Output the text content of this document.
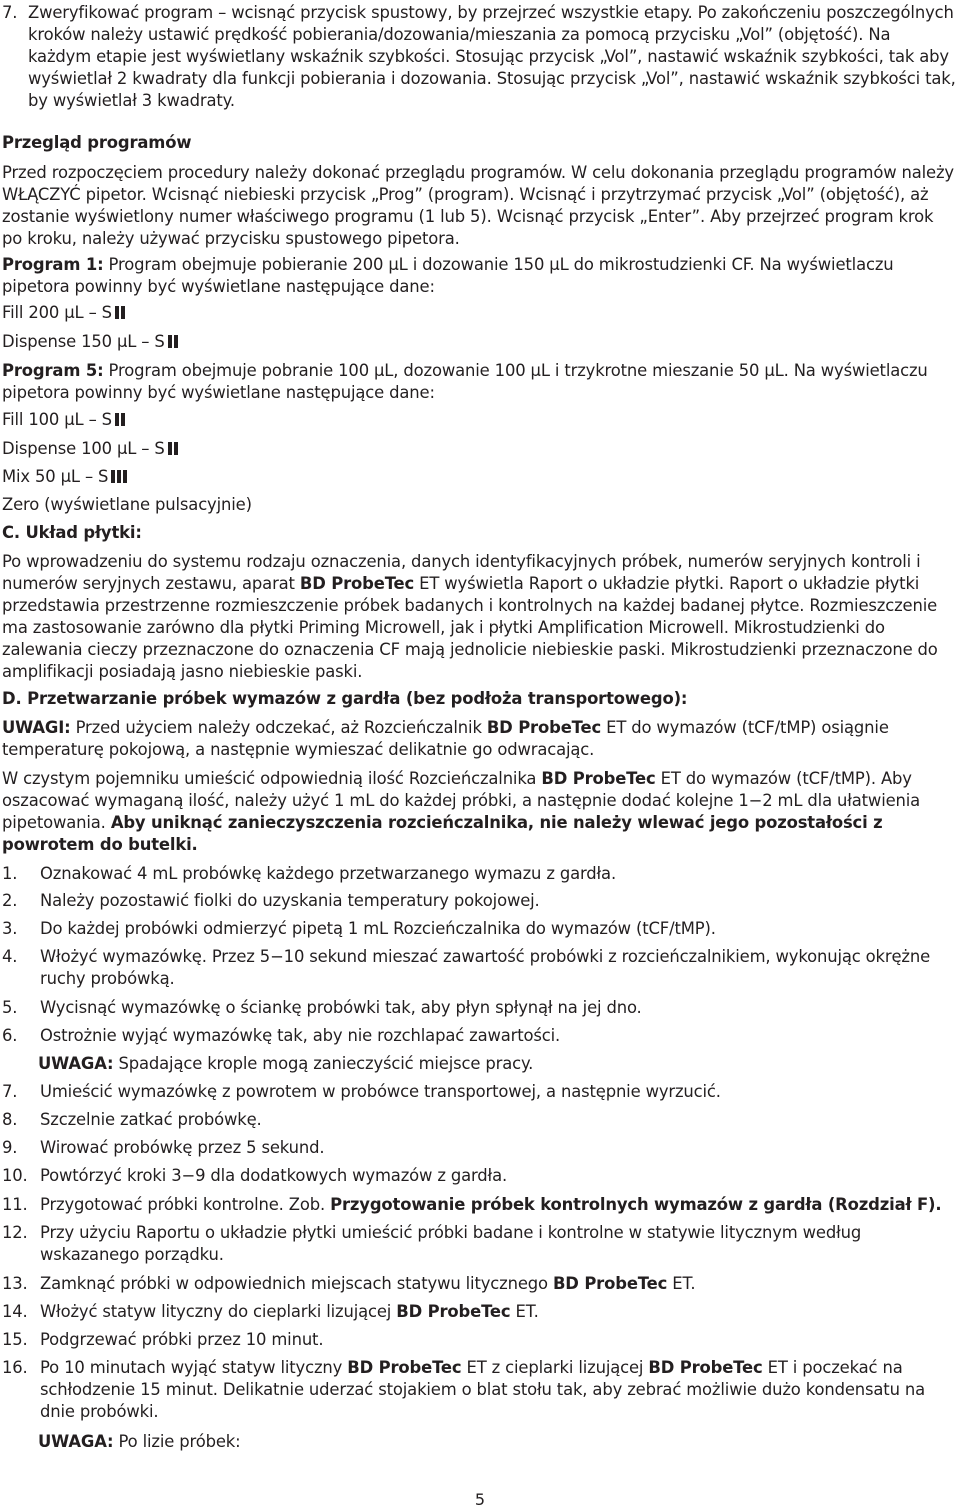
7. Zweryfikować program – wcisnąć przycisk spustowy, by przejrzeć wszystkie etapy. Po zakończeniu poszczególnych kroków należy ustawić prędkość pobierania/dozowania/mieszania za pomocą przycisku „Vol” (objętość). Na każdym etapie jest wyświetlany wskaźnik szybkości. Stosując przycisk „Vol”, nastawić wskaźnik szybkości, tak aby wyświetlał 2 kwadraty dla funkcji pobierania i dozowania. Stosując przycisk „Vol”, nastawić wskaźnik szybkości tak, by wyświetlał 3 kwadraty.
Przegląd programów
Przed rozpoczęciem procedury należy dokonać przeglądu programów. W celu dokonania przeglądu programów należy WŁĄCZYĆ pipetor. Wcisnąć niebieski przycisk „Prog” (program). Wcisnąć i przytrzymać przycisk „Vol” (objętość), aż zostanie wyświetlony numer właściwego programu (1 lub 5). Wcisnąć przycisk „Enter”. Aby przejrzeć program krok po kroku, należy używać przycisku spustowego pipetora.
Program 1: Program obejmuje pobieranie 200 µL i dozowanie 150 µL do mikrostudzienki CF. Na wyświetlaczu pipetora powinny być wyświetlane następujące dane:
Fill 200 µL – S
Dispense 150 µL – S
Program 5: Program obejmuje pobranie 100 µL, dozowanie 100 µL i trzykrotne mieszanie 50 µL. Na wyświetlaczu pipetora powinny być wyświetlane następujące dane:
Fill 100 µL – S
Dispense 100 µL – S
Mix 50 µL – S
Zero (wyświetlane pulsacyjnie)
C. Układ płytki:
Po wprowadzeniu do systemu rodzaju oznaczenia, danych identyfikacyjnych próbek, numerów seryjnych kontroli i numerów seryjnych zestawu, aparat BD ProbeTec ET wyświetla Raport o układzie płytki. Raport o układzie płytki przedstawia przestrzenne rozmieszczenie próbek badanych i kontrolnych na każdej badanej płytce. Rozmieszczenie ma zastosowanie zarówno dla płytki Priming Microwell, jak i płytki Amplification Microwell. Mikrostudzienki do zalewania cieczy przeznaczone do oznaczenia CF mają jednolicie niebieskie paski. Mikrostudzienki przeznaczone do amplifikacji posiadają jasno niebieskie paski.
D. Przetwarzanie próbek wymazów z gardła (bez podłoża transportowego):
UWAGI: Przed użyciem należy odczekać, aż Rozcieńczalnik BD ProbeTec ET do wymazów (tCF/tMP) osiągnie temperaturę pokojową, a następnie wymieszać delikatnie go odwracając.
W czystym pojemniku umieścić odpowiednią ilość Rozcieńczalnika BD ProbeTec ET do wymazów (tCF/tMP). Aby oszacować wymaganą ilość, należy użyć 1 mL do każdej próbki, a następnie dodać kolejne 1−2 mL dla ułatwienia pipetowania. Aby uniknąć zanieczyszczenia rozcieńczalnika, nie należy wlewać jego pozostałości z powrotem do butelki.
1. Oznakować 4 mL probówkę każdego przetwarzanego wymazu z gardła.
2. Należy pozostawić fiolki do uzyskania temperatury pokojowej.
3. Do każdej probówki odmierzyć pipetą 1 mL Rozcieńczalnika do wymazów (tCF/tMP).
4. Włożyć wymazówkę. Przez 5−10 sekund mieszać zawartość probówki z rozcieńczalnikiem, wykonując okrężne ruchy probówką.
5. Wycisnąć wymazówkę o ściankę probówki tak, aby płyn spłynął na jej dno.
6. Ostrożnie wyjąć wymazówkę tak, aby nie rozchlapać zawartości.
UWAGA: Spadające krople mogą zanieczyścić miejsce pracy.
7. Umieścić wymazówkę z powrotem w probówce transportowej, a następnie wyrzucić.
8. Szczelnie zatkać probówkę.
9. Wirować probówkę przez 5 sekund.
10. Powtórzyć kroki 3−9 dla dodatkowych wymazów z gardła.
11. Przygotować próbki kontrolne. Zob. Przygotowanie próbek kontrolnych wymazów z gardła (Rozdział F).
12. Przy użyciu Raportu o układzie płytki umieścić próbki badane i kontrolne w statywie litycznym według wskazanego porządku.
13. Zamknąć próbki w odpowiednich miejscach statywu litycznego BD ProbeTec ET.
14. Włożyć statyw lityczny do cieplarki lizującej BD ProbeTec ET.
15. Podgrzewać próbki przez 10 minut.
16. Po 10 minutach wyjąć statyw lityczny BD ProbeTec ET z cieplarki lizującej BD ProbeTec ET i poczekać na schłodzenie 15 minut. Delikatnie uderzać stojakiem o blat stołu tak, aby zebrać możliwie dużo kondensatu na dnie probówki.
UWAGA: Po lizie próbek:
5
